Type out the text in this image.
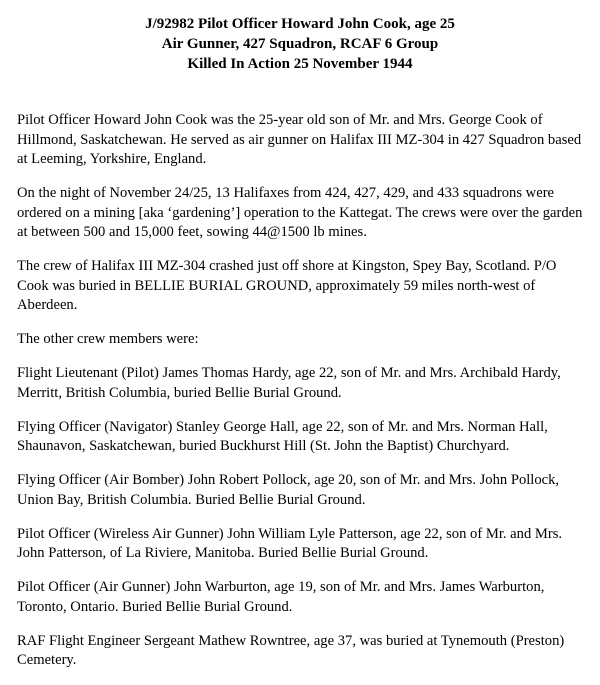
J/92982 Pilot Officer Howard John Cook, age 25
Air Gunner, 427 Squadron, RCAF 6 Group
Killed In Action 25 November 1944

Pilot Officer Howard John Cook was the 25-year old son of Mr. and Mrs. George Cook of Hillmond, Saskatchewan. He served as air gunner on Halifax III MZ-304 in 427 Squadron based at Leeming, Yorkshire, England.

On the night of November 24/25, 13 Halifaxes from 424, 427, 429, and 433 squadrons were ordered on a mining [aka ‘gardening’] operation to the Kattegat. The crews were over the garden at between 500 and 15,000 feet, sowing 44@1500 lb mines.

The crew of Halifax III MZ-304 crashed just off shore at Kingston, Spey Bay, Scotland. P/O Cook was buried in BELLIE BURIAL GROUND, approximately 59 miles north-west of Aberdeen.

The other crew members were:

Flight Lieutenant (Pilot) James Thomas Hardy, age 22, son of Mr. and Mrs. Archibald Hardy, Merritt, British Columbia, buried Bellie Burial Ground.

Flying Officer (Navigator) Stanley George Hall, age 22, son of Mr. and Mrs. Norman Hall, Shaunavon, Saskatchewan, buried Buckhurst Hill (St. John the Baptist) Churchyard.

Flying Officer (Air Bomber) John Robert Pollock, age 20, son of Mr. and Mrs. John Pollock, Union Bay, British Columbia. Buried Bellie Burial Ground.

Pilot Officer (Wireless Air Gunner) John William Lyle Patterson, age 22, son of Mr. and Mrs. John Patterson, of La Riviere, Manitoba. Buried Bellie Burial Ground.

Pilot Officer (Air Gunner) John Warburton, age 19, son of Mr. and Mrs. James Warburton, Toronto, Ontario. Buried Bellie Burial Ground.

RAF Flight Engineer Sergeant Mathew Rowntree, age 37, was buried at Tynemouth (Preston) Cemetery.
